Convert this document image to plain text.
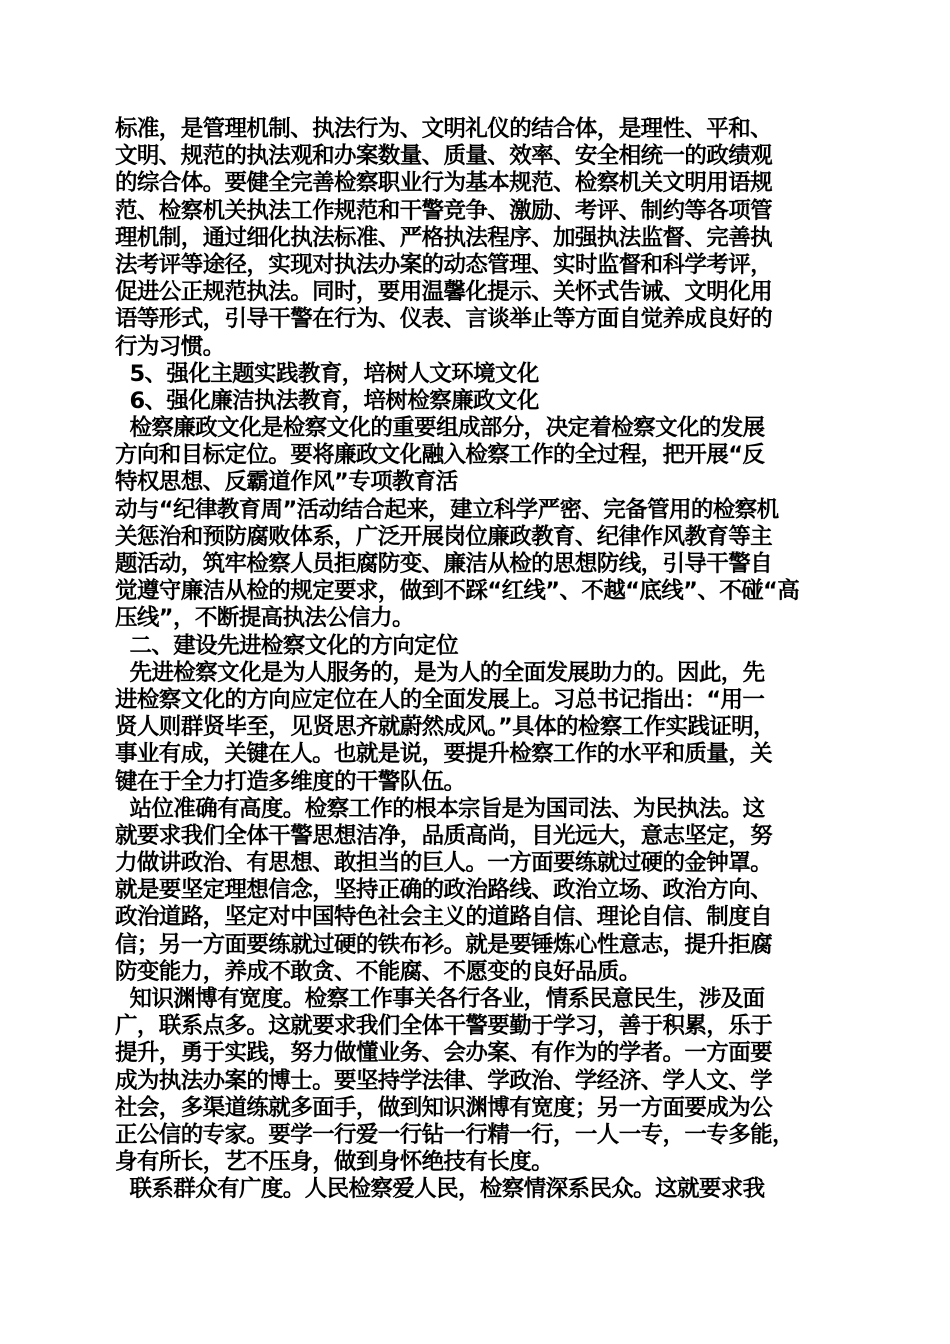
标准，是管理机制、执法行为、文明礼仪的结合体，是理性、平和、
文明、规范的执法观和办案数量、质量、效率、安全相统一的政绩观
的综合体。要健全完善检察职业行为基本规范、检察机关文明用语规
范、检察机关执法工作规范和干警竞争、激励、考评、制约等各项管
理机制，通过细化执法标准、严格执法程序、加强执法监督、完善执
法考评等途径，实现对执法办案的动态管理、实时监督和科学考评，
促进公正规范执法。同时，要用温馨化提示、关怀式告诫、文明化用
语等形式，引导干警在行为、仪表、言谈举止等方面自觉养成良好的
行为习惯。
5、强化主题实践教育，培树人文环境文化
6、强化廉洁执法教育，培树检察廉政文化
检察廉政文化是检察文化的重要组成部分，决定着检察文化的发展
方向和目标定位。要将廉政文化融入检察工作的全过程，把开展“反
特权思想、反霸道作风”专项教育活
动与“纪律教育周”活动结合起来，建立科学严密、完备管用的检察机
关惩治和预防腐败体系，广泛开展岗位廉政教育、纪律作风教育等主
题活动，筑牢检察人员拒腐防变、廉洁从检的思想防线，引导干警自
觉遵守廉洁从检的规定要求，做到不踩“红线”、不越“底线”、不碰“高
压线”，不断提高执法公信力。
二、建设先进检察文化的方向定位
先进检察文化是为人服务的，是为人的全面发展助力的。因此，先
进检察文化的方向应定位在人的全面发展上。习总书记指出：“用一
贤人则群贤毕至，见贤思齐就蔚然成风。”具体的检察工作实践证明，
事业有成，关键在人。也就是说，要提升检察工作的水平和质量，关
键在于全力打造多维度的干警队伍。
站位准确有高度。检察工作的根本宗旨是为国司法、为民执法。这
就要求我们全体干警思想洁净，品质高尚，目光远大，意志坚定，努
力做讲政治、有思想、敢担当的巨人。一方面要练就过硬的金钟罩。
就是要坚定理想信念，坚持正确的政治路线、政治立场、政治方向、
政治道路，坚定对中国特色社会主义的道路自信、理论自信、制度自
信；另一方面要练就过硬的铁布衫。就是要锤炼心性意志，提升拒腐
防变能力，养成不敢贪、不能腐、不愿变的良好品质。
知识渊博有宽度。检察工作事关各行各业，情系民意民生，涉及面
广，联系点多。这就要求我们全体干警要勤于学习，善于积累，乐于
提升，勇于实践，努力做懂业务、会办案、有作为的学者。一方面要
成为执法办案的博士。要坚持学法律、学政治、学经济、学人文、学
社会，多渠道练就多面手，做到知识渊博有宽度；另一方面要成为公
正公信的专家。要学一行爱一行钻一行精一行，一人一专，一专多能，
身有所长，艺不压身，做到身怀绝技有长度。
联系群众有广度。人民检察爱人民，检察情深系民众。这就要求我
